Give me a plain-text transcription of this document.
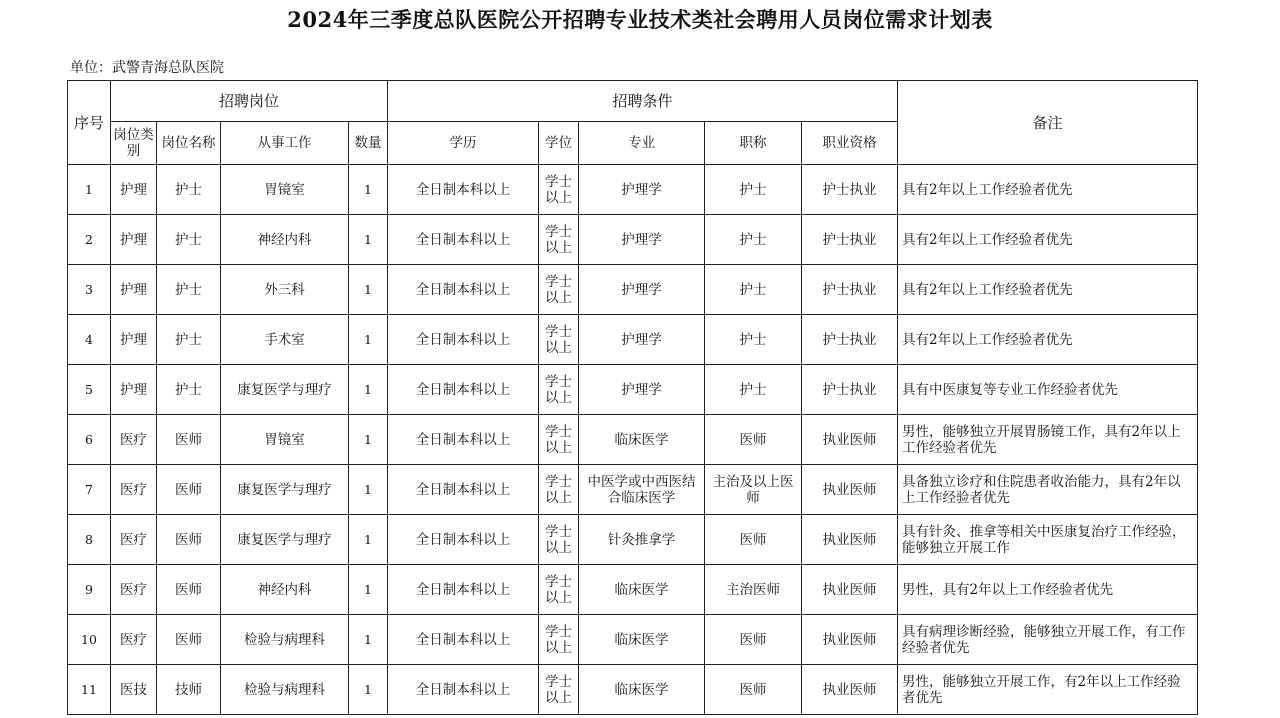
2024年三季度总队医院公开招聘专业技术类社会聘用人员岗位需求计划表
单位：武警青海总队医院
序号	招聘岗位				招聘条件					备注
	岗位类别	岗位名称	从事工作	数量	学历	学位	专业	职称	职业资格	
1	护理	护士	胃镜室	1	全日制本科以上	学士以上	护理学	护士	护士执业	具有2年以上工作经验者优先
2	护理	护士	神经内科	1	全日制本科以上	学士以上	护理学	护士	护士执业	具有2年以上工作经验者优先
3	护理	护士	外三科	1	全日制本科以上	学士以上	护理学	护士	护士执业	具有2年以上工作经验者优先
4	护理	护士	手术室	1	全日制本科以上	学士以上	护理学	护士	护士执业	具有2年以上工作经验者优先
5	护理	护士	康复医学与理疗	1	全日制本科以上	学士以上	护理学	护士	护士执业	具有中医康复等专业工作经验者优先
6	医疗	医师	胃镜室	1	全日制本科以上	学士以上	临床医学	医师	执业医师	男性，能够独立开展胃肠镜工作，具有2年以上工作经验者优先
7	医疗	医师	康复医学与理疗	1	全日制本科以上	学士以上	中医学或中西医结合临床医学	主治及以上医师	执业医师	具备独立诊疗和住院患者收治能力，具有2年以上工作经验者优先
8	医疗	医师	康复医学与理疗	1	全日制本科以上	学士以上	针灸推拿学	医师	执业医师	具有针灸、推拿等相关中医康复治疗工作经验，能够独立开展工作
9	医疗	医师	神经内科	1	全日制本科以上	学士以上	临床医学	主治医师	执业医师	男性，具有2年以上工作经验者优先
10	医疗	医师	检验与病理科	1	全日制本科以上	学士以上	临床医学	医师	执业医师	具有病理诊断经验，能够独立开展工作，有工作经验者优先
11	医技	技师	检验与病理科	1	全日制本科以上	学士以上	临床医学	医师	执业医师	男性，能够独立开展工作，有2年以上工作经验者优先
